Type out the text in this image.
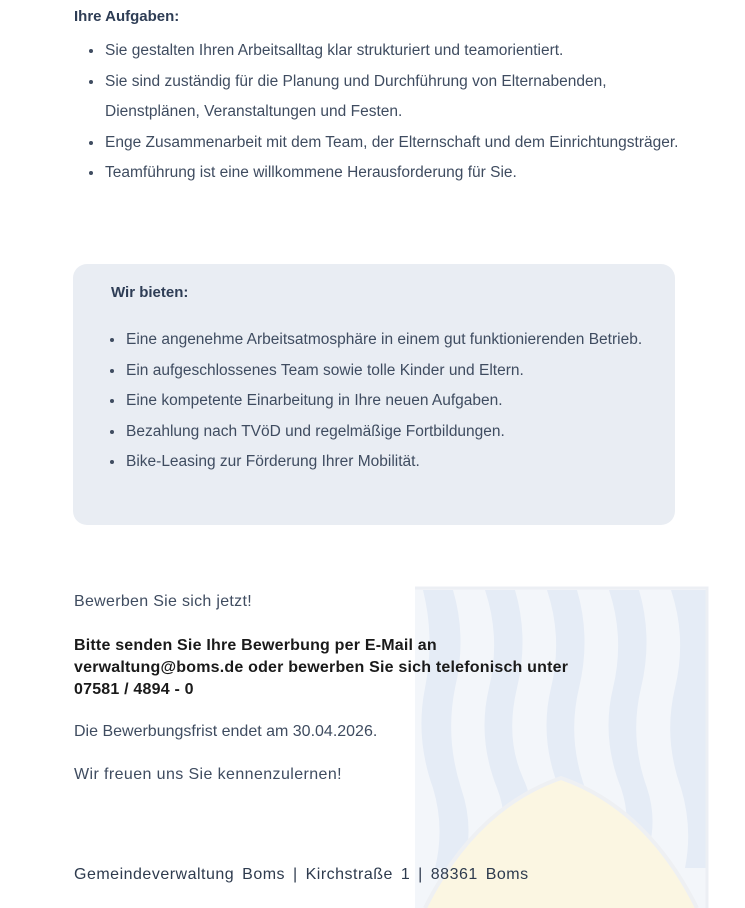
Ihre Aufgaben:
Sie gestalten Ihren Arbeitsalltag klar strukturiert und teamorientiert.
Sie sind zuständig für die Planung und Durchführung von Elternabenden, Dienstplänen, Veranstaltungen und Festen.
Enge Zusammenarbeit mit dem Team, der Elternschaft und dem Einrichtungsträger.
Teamführung ist eine willkommene Herausforderung für Sie.
Wir bieten:
Eine angenehme Arbeitsatmosphäre in einem gut funktionierenden Betrieb.
Ein aufgeschlossenes Team sowie tolle Kinder und Eltern.
Eine kompetente Einarbeitung in Ihre neuen Aufgaben.
Bezahlung nach TVöD und regelmäßige Fortbildungen.
Bike-Leasing zur Förderung Ihrer Mobilität.
Bewerben Sie sich jetzt!
Bitte senden Sie Ihre Bewerbung per E-Mail an
verwaltung@boms.de oder bewerben Sie sich telefonisch unter
07581 / 4894 - 0
Die Bewerbungsfrist endet am 30.04.2026.
Wir freuen uns Sie kennenzulernen!
Gemeindeverwaltung Boms | Kirchstraße 1 | 88361 Boms
